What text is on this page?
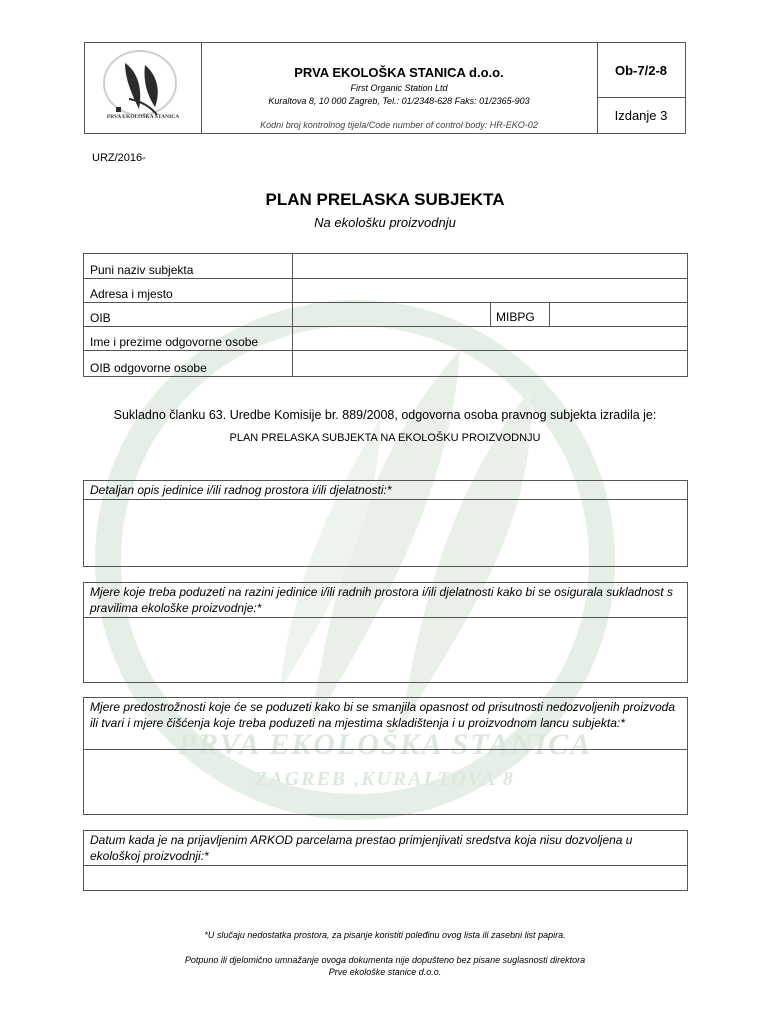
PRVA EKOLOŠKA STANICA
ZAGREB ,KURALTOVA 8
PRVA EKOLOŠKA STANICA
PRVA EKOLOŠKA STANICA d.o.o.
First Organic Station Ltd
Kuraltova 8, 10 000 Zagreb, Tel.: 01/2348-628 Faks: 01/2365-903
Kodni broj kontrolnog tijela/Code number of control body: HR-EKO-02
Ob-7/2-8
Izdanje 3
URZ/2016-
PLAN PRELASKA SUBJEKTA
Na ekološku proizvodnju
Puni naziv subjekta
Adresa i mjesto
OIB	MIBPG
Ime i prezime odgovorne osobe
OIB odgovorne osobe
Sukladno članku 63. Uredbe Komisije br. 889/2008, odgovorna osoba pravnog subjekta izradila je:
PLAN PRELASKA SUBJEKTA NA EKOLOŠKU PROIZVODNJU
Detaljan opis jedinice i/ili radnog prostora i/ili djelatnosti:*
Mjere koje treba poduzeti na razini jedinice i/ili radnih prostora i/ili djelatnosti kako bi se osigurala sukladnost s pravilima ekološke proizvodnje:*
Mjere predostrožnosti koje će se poduzeti kako bi se smanjila opasnost od prisutnosti nedozvoljenih proizvoda ili tvari i mjere čišćenja koje treba poduzeti na mjestima skladištenja i u proizvodnom lancu subjekta:*
Datum kada je na prijavljenim ARKOD parcelama prestao primjenjivati sredstva koja nisu dozvoljena u ekološkoj proizvodnji:*
*U slučaju nedostatka prostora, za pisanje koristiti poleđinu ovog lista ili zasebni list papira.
Potpuno ili djelomično umnažanje ovoga dokumenta nije dopušteno bez pisane suglasnosti direktora
Prve ekološke stanice d.o.o.
